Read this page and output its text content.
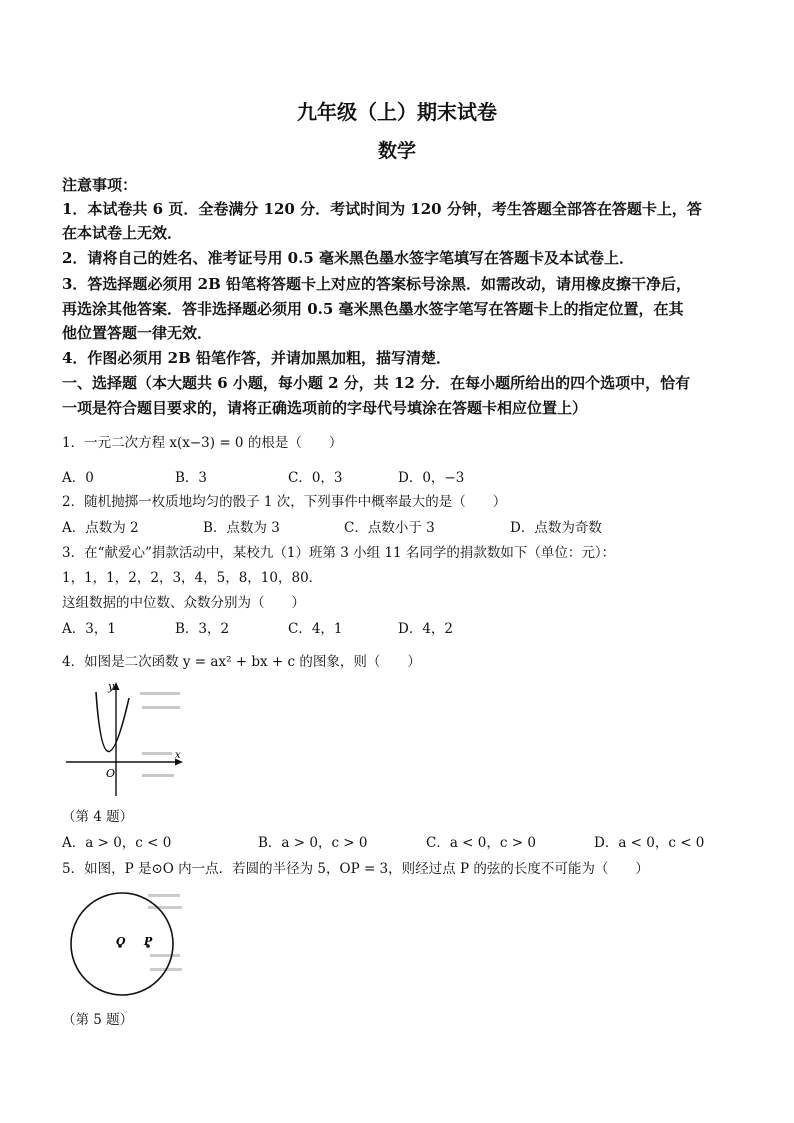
九年级（上）期末试卷
数学
注意事项：
1．本试卷共 6 页．全卷满分 120 分．考试时间为 120 分钟，考生答题全部答在答题卡上，答
在本试卷上无效．
2．请将自己的姓名、准考证号用 0.5 毫米黑色墨水签字笔填写在答题卡及本试卷上．
3．答选择题必须用 2B 铅笔将答题卡上对应的答案标号涂黑．如需改动，请用橡皮擦干净后，
再选涂其他答案．答非选择题必须用 0.5 毫米黑色墨水签字笔写在答题卡上的指定位置，在其
他位置答题一律无效．
4．作图必须用 2B 铅笔作答，并请加黑加粗，描写清楚．
一、选择题（本大题共 6 小题，每小题 2 分，共 12 分．在每小题所给出的四个选项中，恰有
一项是符合题目要求的，请将正确选项前的字母代号填涂在答题卡相应位置上）
1．一元二次方程 x(x−3) = 0 的根是（　　）
A．0	B．3	C．0，3	D．0，−3
2．随机抛掷一枚质地均匀的骰子 1 次，下列事件中概率最大的是（　　）
A．点数为 2	B．点数为 3	C．点数小于 3	D．点数为奇数
3．在“献爱心”捐款活动中，某校九（1）班第 3 小组 11 名同学的捐款数如下（单位：元）：
1，1，1，2，2，3，4，5，8，10，80．
这组数据的中位数、众数分别为（　　）
A．3，1	B．3，2	C．4，1	D．4，2
4．如图是二次函数 y = ax² + bx + c 的图象，则（　　）
y
x
O
（第 4 题）
A．a > 0，c < 0	B．a > 0，c > 0	C．a < 0，c > 0	D．a < 0，c < 0
5．如图，P 是⊙O 内一点．若圆的半径为 5，OP = 3，则经过点 P 的弦的长度不可能为（　　）
O P
（第 5 题）
